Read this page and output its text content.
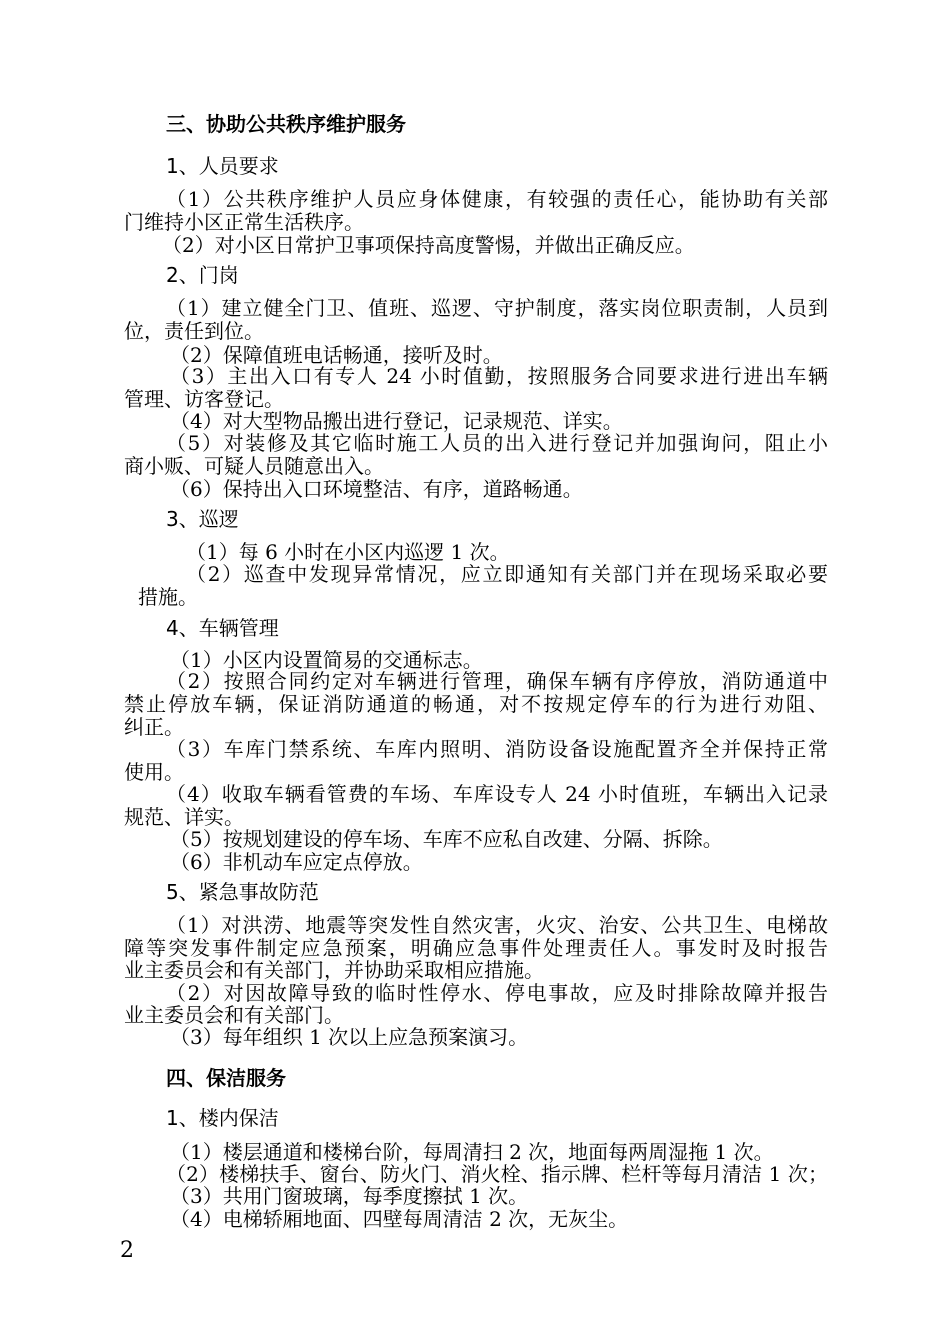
三、协助公共秩序维护服务
1、人员要求
（1）公共秩序维护人员应身体健康，有较强的责任心，能协助有关部
门维持小区正常生活秩序。
（2）对小区日常护卫事项保持高度警惕，并做出正确反应。
2、门岗
（1）建立健全门卫、值班、巡逻、守护制度，落实岗位职责制，人员到
位，责任到位。
（2）保障值班电话畅通，接听及时。
（3）主出入口有专人 24 小时值勤，按照服务合同要求进行进出车辆
管理、访客登记。
（4）对大型物品搬出进行登记，记录规范、详实。
（5）对装修及其它临时施工人员的出入进行登记并加强询问，阻止小
商小贩、可疑人员随意出入。
（6）保持出入口环境整洁、有序，道路畅通。
3、巡逻
（1）每 6 小时在小区内巡逻 1 次。
（2）巡查中发现异常情况，应立即通知有关部门并在现场采取必要
措施。
4、车辆管理
（1）小区内设置简易的交通标志。
（2）按照合同约定对车辆进行管理，确保车辆有序停放，消防通道中
禁止停放车辆，保证消防通道的畅通，对不按规定停车的行为进行劝阻、
纠正。
（3）车库门禁系统、车库内照明、消防设备设施配置齐全并保持正常
使用。
（4）收取车辆看管费的车场、车库设专人 24 小时值班，车辆出入记录
规范、详实。
（5）按规划建设的停车场、车库不应私自改建、分隔、拆除。
（6）非机动车应定点停放。
5、紧急事故防范
（1）对洪涝、地震等突发性自然灾害，火灾、治安、公共卫生、电梯故
障等突发事件制定应急预案，明确应急事件处理责任人。事发时及时报告
业主委员会和有关部门，并协助采取相应措施。
（2）对因故障导致的临时性停水、停电事故，应及时排除故障并报告
业主委员会和有关部门。
（3）每年组织 1 次以上应急预案演习。
四、保洁服务
1、楼内保洁
（1）楼层通道和楼梯台阶，每周清扫 2 次，地面每两周湿拖 1 次。
（2）楼梯扶手、窗台、防火门、消火栓、指示牌、栏杆等每月清洁 1 次；
（3）共用门窗玻璃，每季度擦拭 1 次。
（4）电梯轿厢地面、四壁每周清洁 2 次，无灰尘。
2
